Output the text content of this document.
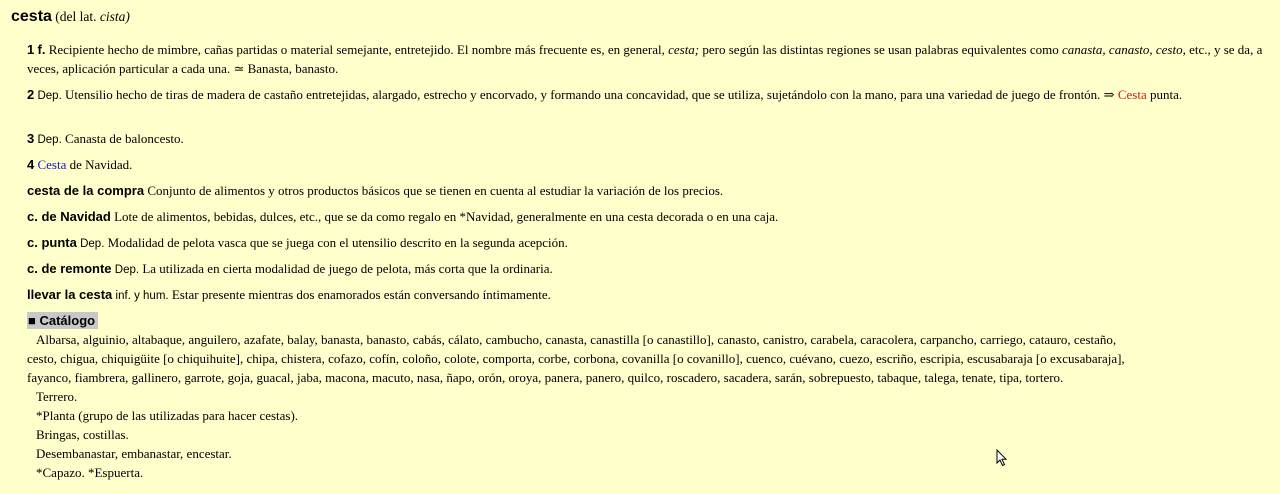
cesta (del lat. cista)
1 f. Recipiente hecho de mimbre, cañas partidas o material semejante, entretejido. El nombre más frecuente es, en general, cesta; pero según las distintas regiones se usan palabras equivalentes como canasta, canasto, cesto, etc., y se da, a veces, aplicación particular a cada una. ≃ Banasta, banasto.
2 Dep. Utensilio hecho de tiras de madera de castaño entretejidas, alargado, estrecho y encorvado, y formando una concavidad, que se utiliza, sujetándolo con la mano, para una variedad de juego de frontón. ⇒ Cesta punta.
3 Dep. Canasta de baloncesto.
4 Cesta de Navidad.
cesta de la compra Conjunto de alimentos y otros productos básicos que se tienen en cuenta al estudiar la variación de los precios.
c. de Navidad Lote de alimentos, bebidas, dulces, etc., que se da como regalo en *Navidad, generalmente en una cesta decorada o en una caja.
c. punta Dep. Modalidad de pelota vasca que se juega con el utensilio descrito en la segunda acepción.
c. de remonte Dep. La utilizada en cierta modalidad de juego de pelota, más corta que la ordinaria.
llevar la cesta inf. y hum. Estar presente mientras dos enamorados están conversando íntimamente.
■ Catálogo
Albarsa, alguinio, altabaque, anguilero, azafate, balay, banasta, banasto, cabás, cálato, cambucho, canasta, canastilla [o canastillo], canasto, canistro, carabela, caracolera, carpancho, carriego, catauro, cestaño,
cesto, chigua, chiquigüite [o chiquihuite], chipa, chistera, cofazo, cofín, coloño, colote, comporta, corbe, corbona, covanilla [o covanillo], cuenco, cuévano, cuezo, escriño, escripia, escusabaraja [o excusabaraja],
fayanco, fiambrera, gallinero, garrote, goja, guacal, jaba, macona, macuto, nasa, ñapo, orón, oroya, panera, panero, quilco, roscadero, sacadera, sarán, sobrepuesto, tabaque, talega, tenate, tipa, tortero.
Terrero.
*Planta (grupo de las utilizadas para hacer cestas).
Bringas, costillas.
Desembanastar, embanastar, encestar.
*Capazo. *Espuerta.
